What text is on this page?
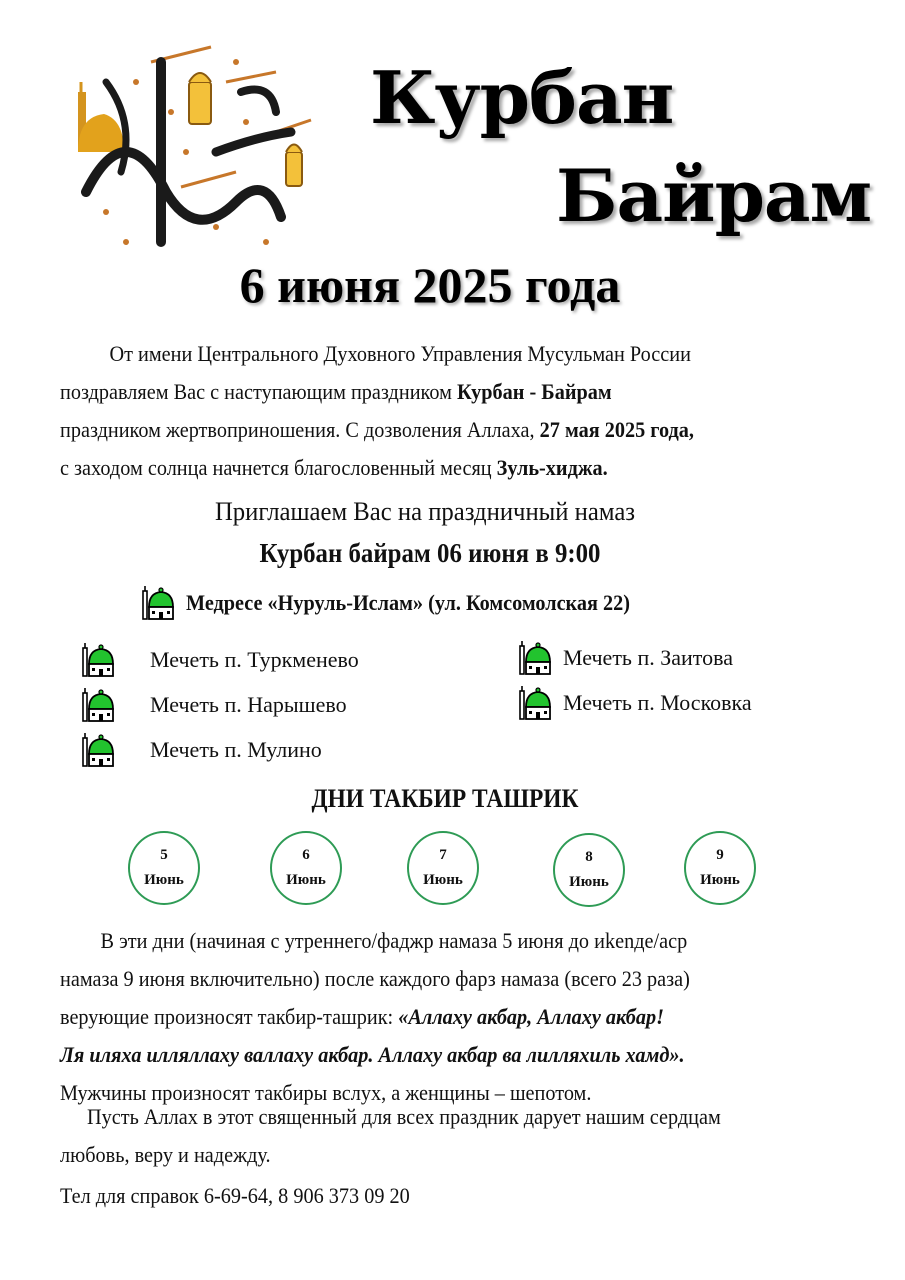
Курбан
Байрам
6 июня 2025 года
От имени Центрального Духовного Управления Мусульман России
поздравляем Вас с наступающим праздником Курбан - Байрам
праздником жертвоприношения. С дозволения Аллаха, 27 мая 2025 года,
с заходом солнца начнется благословенный месяц Зуль-хиджа.
Приглашаем Вас на праздничный намаз
Курбан байрам 06 июня в 9:00
Медресе «Нуруль-Ислам» (ул. Комсомолская 22)
Мечеть п. Туркменево
Мечеть п. Нарышево
Мечеть п. Мулино
Мечеть п. Заитова
Мечеть п. Московка
ДНИ ТАКБИР ТАШРИК
5
Июнь
6
Июнь
7
Июнь
8
Июнь
9
Июнь
В эти дни (начиная с утреннего/фаджр намаза 5 июня до иkenде/аср
намаза 9 июня включительно) после каждого фарз намаза (всего 23 раза)
верующие произносят такбир-ташрик: «Аллаху акбар, Аллаху акбар!
Ля иляха илляллаху валлаху акбар. Аллаху акбар ва лилляхиль хамд».
Мужчины произносят такбиры вслух, а женщины – шепотом.
Пусть Аллах в этот священный для всех праздник дарует нашим сердцам
любовь, веру и надежду.
Тел для справок 6-69-64, 8 906 373 09 20
